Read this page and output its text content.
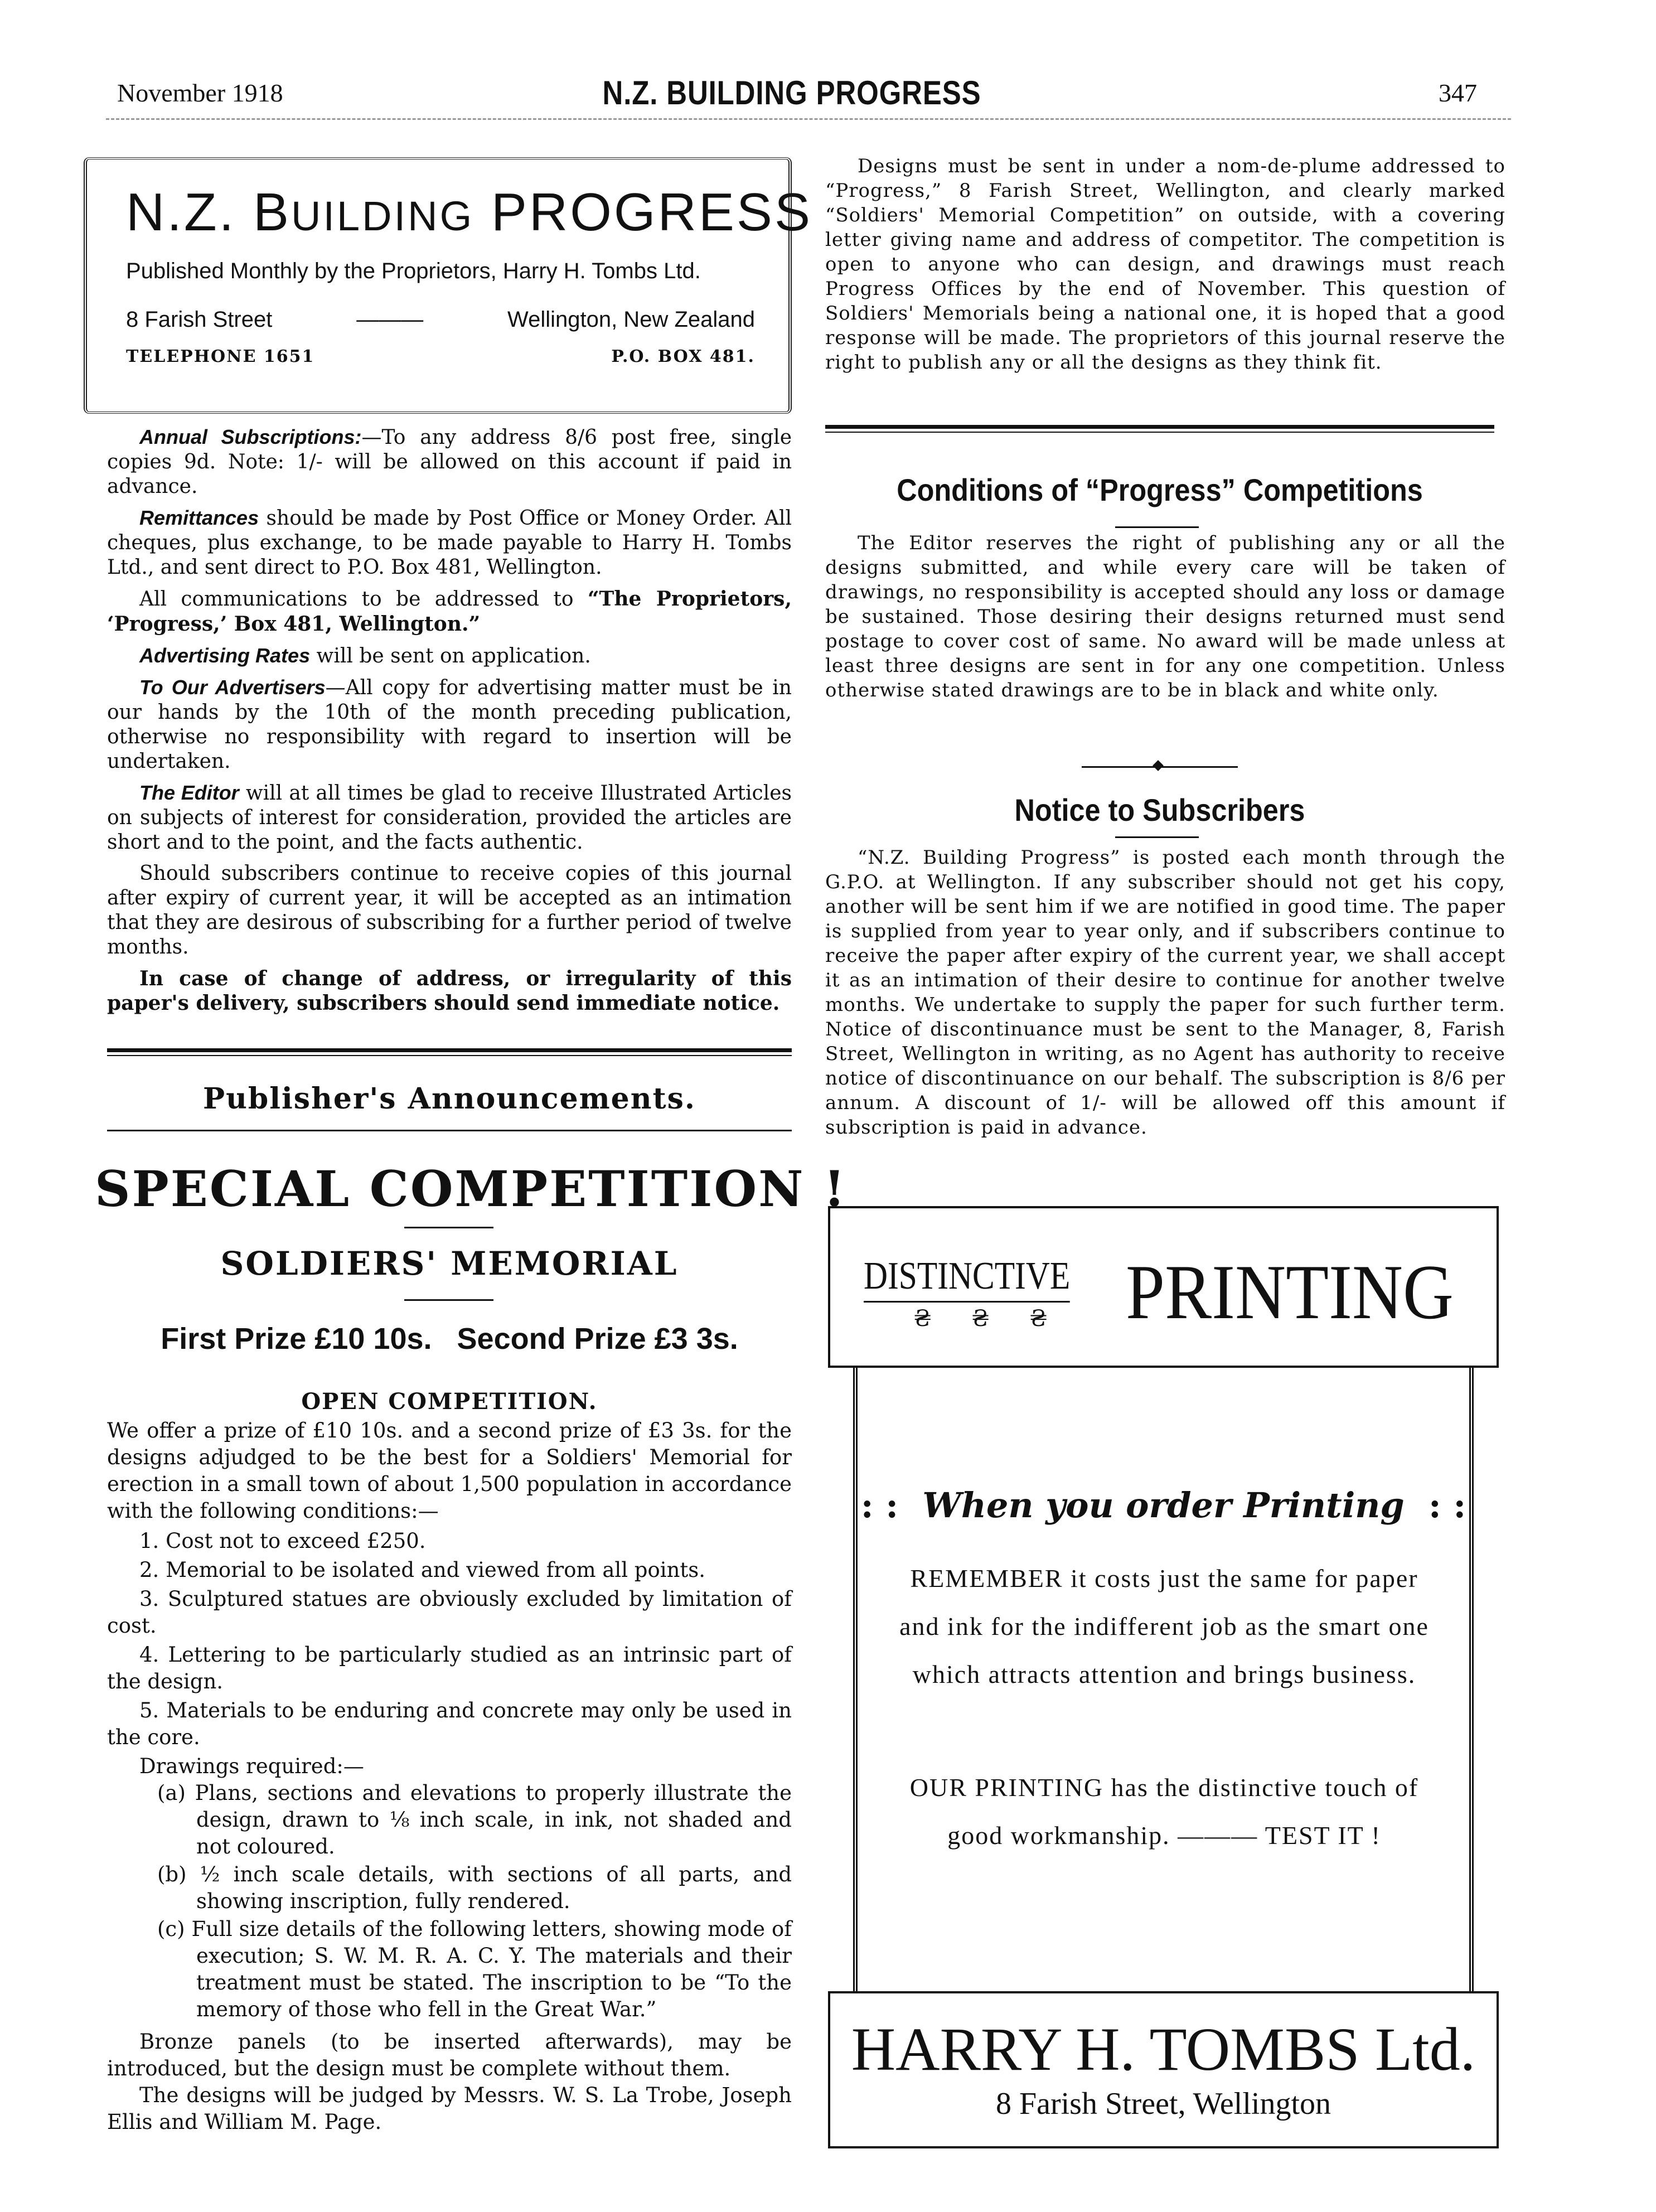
November 1918	N.Z. BUILDING PROGRESS	347
N.Z. BUILDING PROGRESS
Published Monthly by the Proprietors, Harry H. Tombs Ltd.
8 Farish Street	———	Wellington, New Zealand
TELEPHONE 1651	P.O. BOX 481.

Annual Subscriptions:—To any address 8/6 post free, single copies 9d. Note: 1/- will be allowed on this account if paid in advance.

Remittances should be made by Post Office or Money Order. All cheques, plus exchange, to be made payable to Harry H. Tombs Ltd., and sent direct to P.O. Box 481, Wellington.

All communications to be addressed to “The Proprietors, ‘Progress,’ Box 481, Wellington.”

Advertising Rates will be sent on application.

To Our Advertisers—All copy for advertising matter must be in our hands by the 10th of the month preceding publication, otherwise no responsibility with regard to insertion will be undertaken.

The Editor will at all times be glad to receive Illustrated Articles on subjects of interest for consideration, provided the articles are short and to the point, and the facts authentic.

Should subscribers continue to receive copies of this journal after expiry of current year, it will be accepted as an intimation that they are desirous of subscribing for a further period of twelve months.

In case of change of address, or irregularity of this paper's delivery, subscribers should send immediate notice.

Publisher's Announcements.
SPECIAL COMPETITION !
SOLDIERS' MEMORIAL
First Prize £10 10s. Second Prize £3 3s.
OPEN COMPETITION.

We offer a prize of £10 10s. and a second prize of £3 3s. for the designs adjudged to be the best for a Soldiers' Memorial for erection in a small town of about 1,500 population in accordance with the following conditions:—

1. Cost not to exceed £250.

2. Memorial to be isolated and viewed from all points.

3. Sculptured statues are obviously excluded by limitation of cost.

4. Lettering to be particularly studied as an intrinsic part of the design.

5. Materials to be enduring and concrete may only be used in the core.

Drawings required:—

(a) Plans, sections and elevations to properly illustrate the design, drawn to ⅛ inch scale, in ink, not shaded and not coloured.

(b) ½ inch scale details, with sections of all parts, and showing inscription, fully rendered.

(c) Full size details of the following letters, showing mode of execution; S. W. M. R. A. C. Y. The materials and their treatment must be stated. The inscription to be “To the memory of those who fell in the Great War.”

Bronze panels (to be inserted afterwards), may be introduced, but the design must be complete without them.

The designs will be judged by Messrs. W. S. La Trobe, Joseph Ellis and William M. Page.

Designs must be sent in under a nom-de-plume addressed to “Progress,” 8 Farish Street, Wellington, and clearly marked “Soldiers' Memorial Competition” on outside, with a covering letter giving name and address of competitor. The competition is open to anyone who can design, and drawings must reach Progress Offices by the end of November. This question of Soldiers' Memorials being a national one, it is hoped that a good response will be made. The proprietors of this journal reserve the right to publish any or all the designs as they think fit.

Conditions of “Progress” Competitions

The Editor reserves the right of publishing any or all the designs submitted, and while every care will be taken of drawings, no responsibility is accepted should any loss or damage be sustained. Those desiring their designs returned must send postage to cover cost of same. No award will be made unless at least three designs are sent in for any one competition. Unless otherwise stated drawings are to be in black and white only.

Notice to Subscribers

“N.Z. Building Progress” is posted each month through the G.P.O. at Wellington. If any subscriber should not get his copy, another will be sent him if we are notified in good time. The paper is supplied from year to year only, and if subscribers continue to receive the paper after expiry of the current year, we shall accept it as an intimation of their desire to continue for another twelve months. We undertake to supply the paper for such further term. Notice of discontinuance must be sent to the Manager, 8, Farish Street, Wellington in writing, as no Agent has authority to receive notice of discontinuance on our behalf. The subscription is 8/6 per annum. A discount of 1/- will be allowed off this amount if subscription is paid in advance.

DISTINCTIVE
₴ ₴ ₴ PRINTING
: : When you order Printing : :
REMEMBER it costs just the same for paper and ink for the indifferent job as the smart one which attracts attention and brings business.
OUR PRINTING has the distinctive touch of good workmanship. ——— TEST IT !
HARRY H. TOMBS Ltd.
8 Farish Street, Wellington
